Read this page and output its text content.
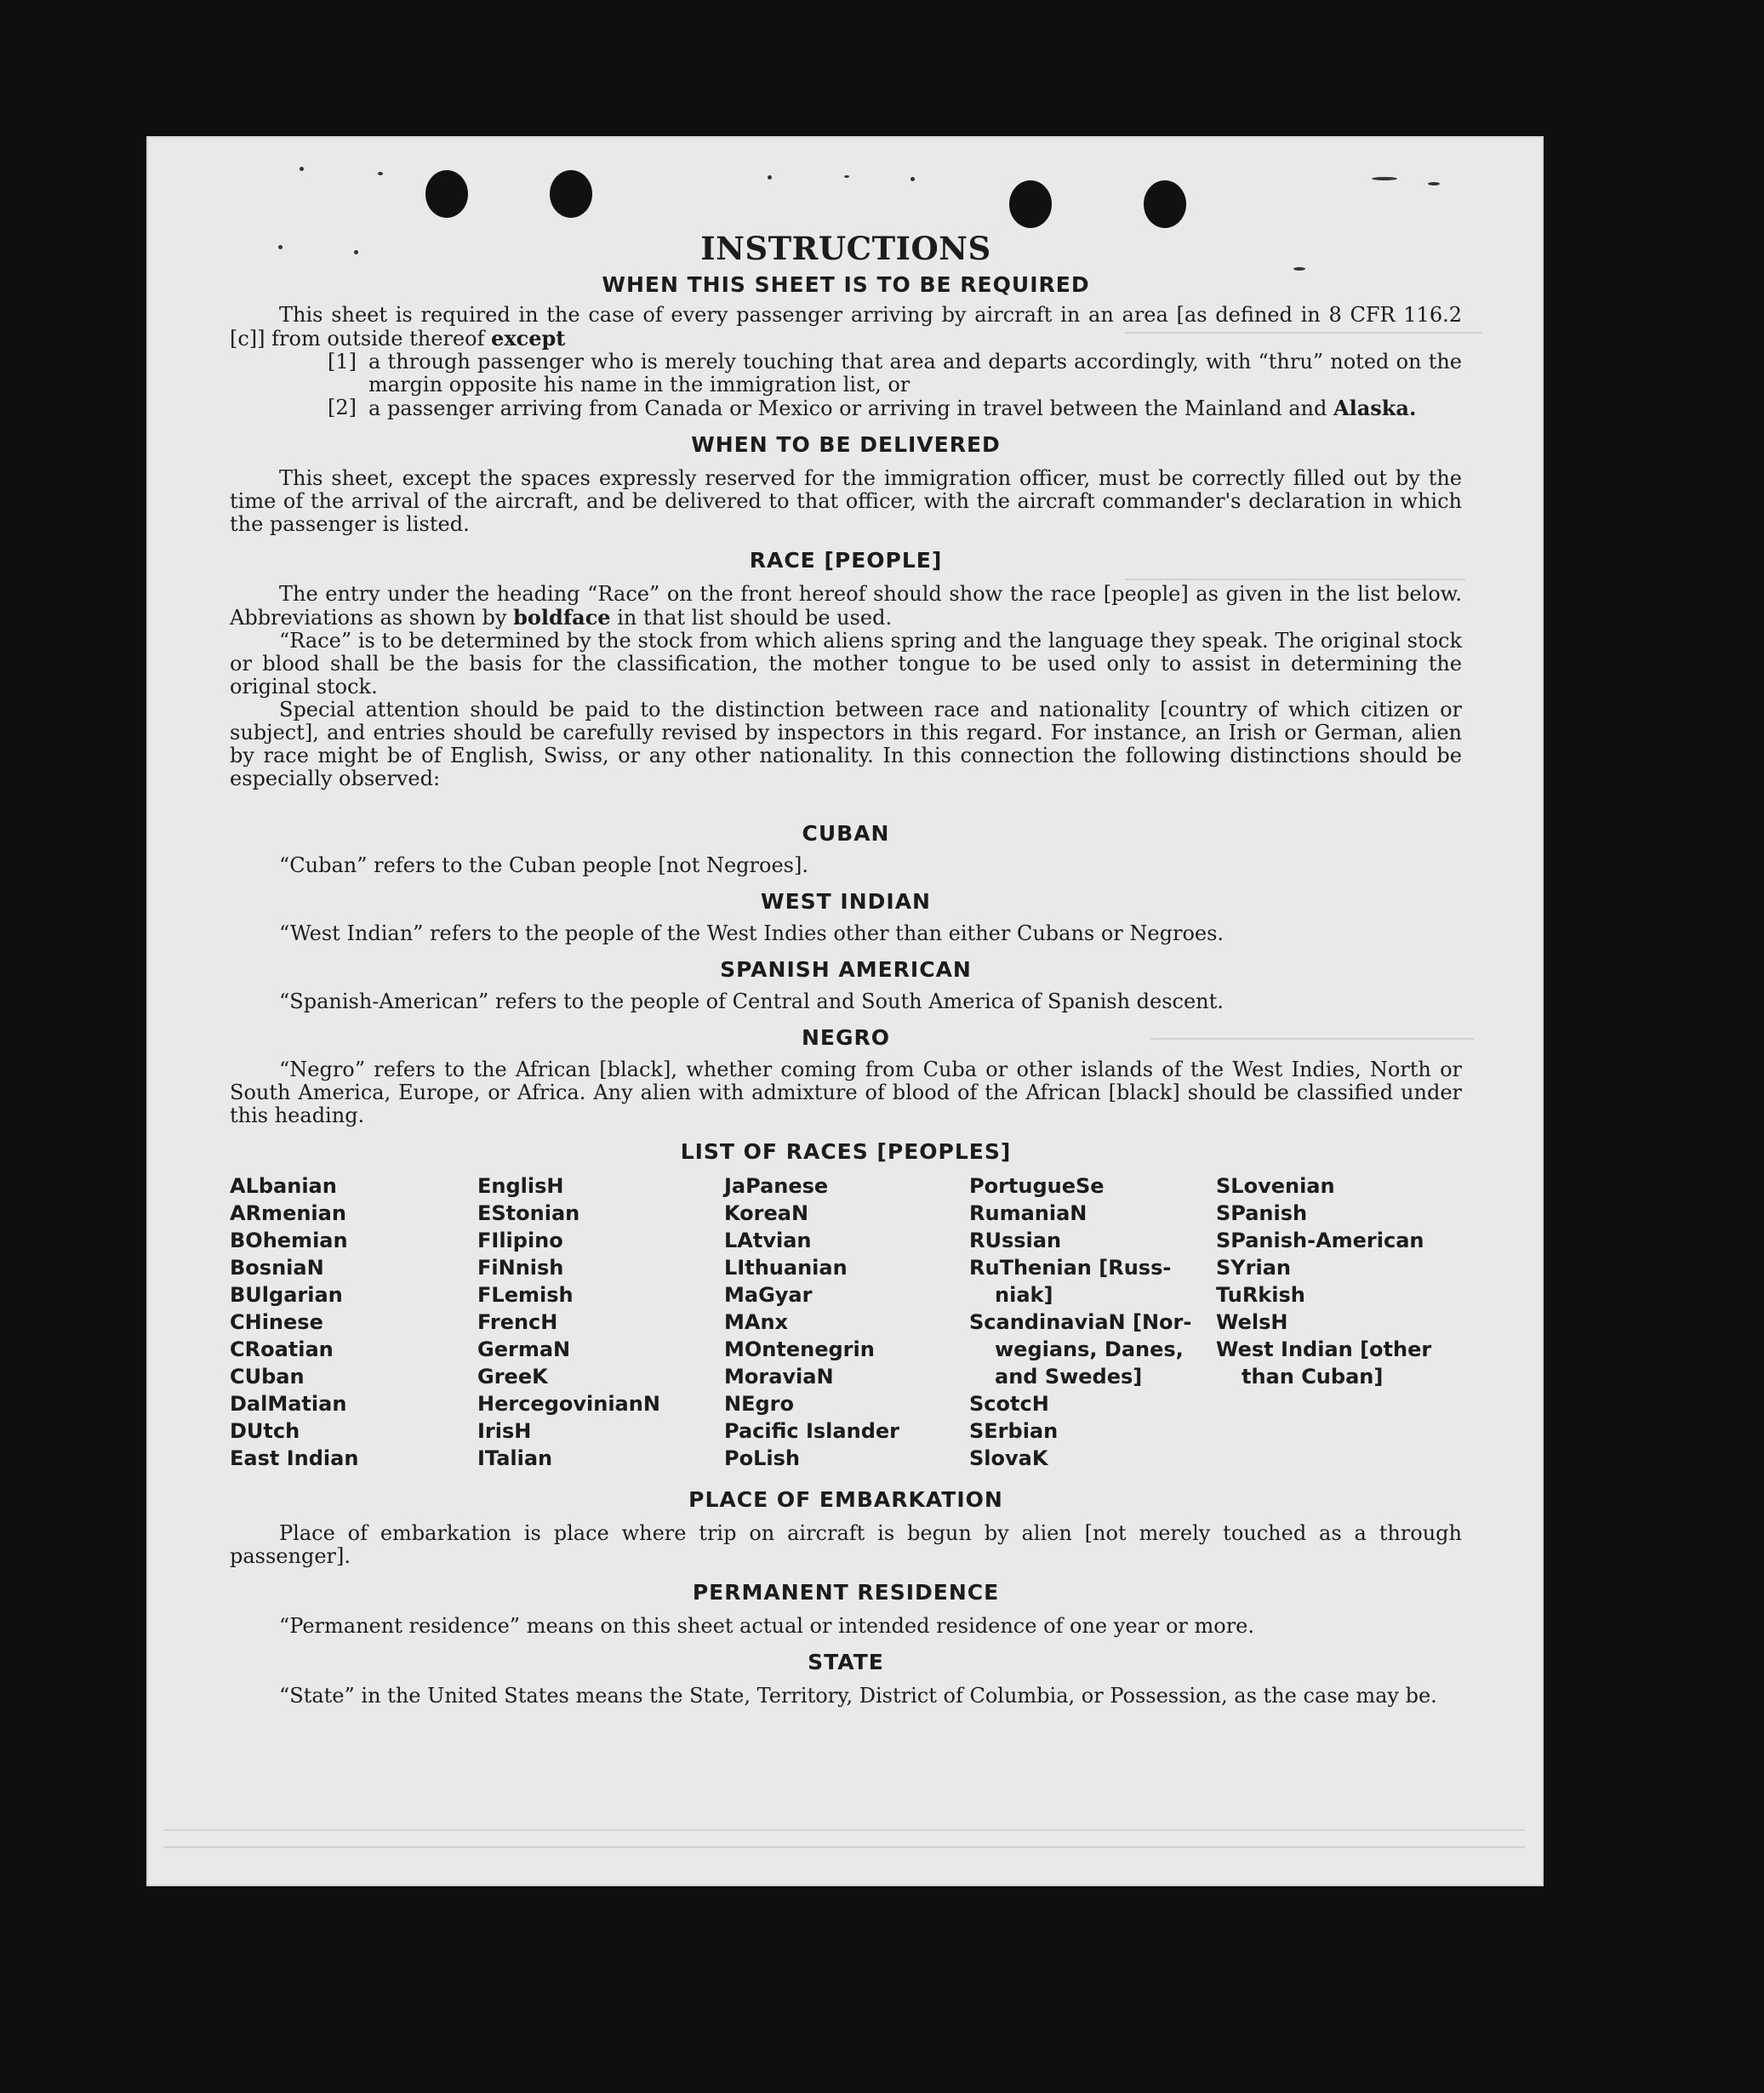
INSTRUCTIONS
WHEN THIS SHEET IS TO BE REQUIRED

This sheet is required in the case of every passenger arriving by aircraft in an area [as defined in 8 CFR 116.2 [c]] from outside thereof except

[1] a through passenger who is merely touching that area and departs accordingly, with “thru” noted on the margin opposite his name in the immigration list, or
[2] a passenger arriving from Canada or Mexico or arriving in travel between the Mainland and Alaska.
WHEN TO BE DELIVERED

This sheet, except the spaces expressly reserved for the immigration officer, must be correctly filled out by the time of the arrival of the aircraft, and be delivered to that officer, with the aircraft commander's declaration in which the passenger is listed.

RACE [PEOPLE]

The entry under the heading “Race” on the front hereof should show the race [people] as given in the list below. Abbreviations as shown by boldface in that list should be used.

“Race” is to be determined by the stock from which aliens spring and the language they speak. The original stock or blood shall be the basis for the classification, the mother tongue to be used only to assist in determining the original stock.

Special attention should be paid to the distinction between race and nationality [country of which citizen or subject], and entries should be carefully revised by inspectors in this regard. For instance, an Irish or German, alien by race might be of English, Swiss, or any other nationality. In this connection the following distinctions should be especially observed:

CUBAN

“Cuban” refers to the Cuban people [not Negroes].

WEST INDIAN

“West Indian” refers to the people of the West Indies other than either Cubans or Negroes.

SPANISH AMERICAN

“Spanish-American” refers to the people of Central and South America of Spanish descent.

NEGRO

“Negro” refers to the African [black], whether coming from Cuba or other islands of the West Indies, North or South America, Europe, or Africa. Any alien with admixture of blood of the African [black] should be classified under this heading.

LIST OF RACES [PEOPLES]
ALbanian
ARmenian
BOhemian
BosniaN
BUlgarian
CHinese
CRoatian
CUban
DalMatian
DUtch
East Indian
EnglisH
EStonian
FIlipino
FiNnish
FLemish
FrencH
GermaN
GreeK
HercegovinianN
IrisH
ITalian
JaPanese
KoreaN
LAtvian
LIthuanian
MaGyar
MAnx
MOntenegrin
MoraviaN
NEgro
Pacific Islander
PoLish
PortugueSe
RumaniaN
RUssian
RuThenian [Russ-
niak]
ScandinaviaN [Nor-
wegians, Danes,
and Swedes]
ScotcH
SErbian
SlovaK
SLovenian
SPanish
SPanish-American
SYrian
TuRkish
WelsH
West Indian [other
than Cuban]
PLACE OF EMBARKATION

Place of embarkation is place where trip on aircraft is begun by alien [not merely touched as a through passenger].

PERMANENT RESIDENCE

“Permanent residence” means on this sheet actual or intended residence of one year or more.

STATE

“State” in the United States means the State, Territory, District of Columbia, or Possession, as the case may be.
